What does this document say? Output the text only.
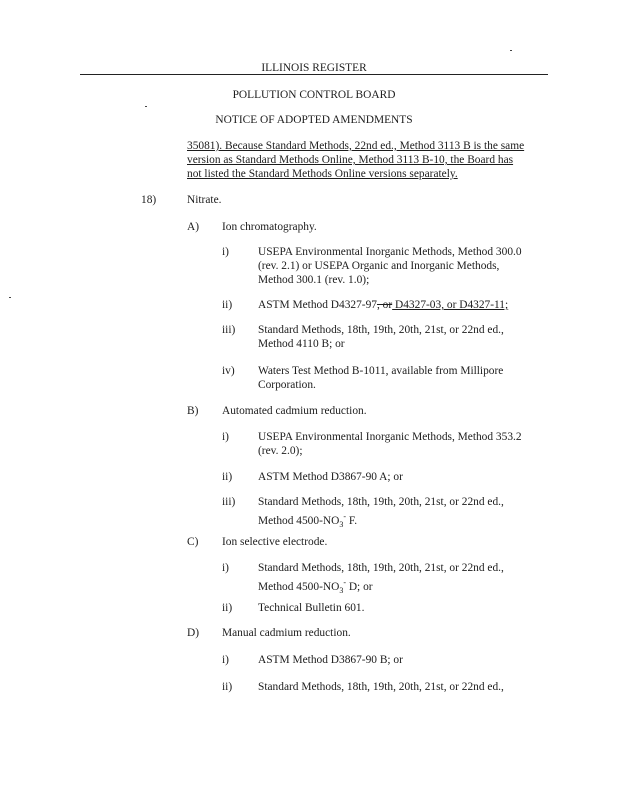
ILLINOIS REGISTER
POLLUTION CONTROL BOARD
NOTICE OF ADOPTED AMENDMENTS
35081). Because Standard Methods, 22nd ed., Method 3113 B is the same
version as Standard Methods Online, Method 3113 B-10, the Board has
not listed the Standard Methods Online versions separately.
18)	Nitrate.
A) Ion chromatography.
i)	USEPA Environmental Inorganic Methods, Method 300.0
(rev. 2.1) or USEPA Organic and Inorganic Methods,
Method 300.1 (rev. 1.0);
ii) ASTM Method D4327-97, or D4327-03, or D4327-11;
iii) Standard Methods, 18th, 19th, 20th, 21st, or 22nd ed.,
Method 4110 B; or
iv) Waters Test Method B-1011, available from Millipore
Corporation.
B) Automated cadmium reduction.
i)	USEPA Environmental Inorganic Methods, Method 353.2
(rev. 2.0);
ii) ASTM Method D3867-90 A; or
iii) Standard Methods, 18th, 19th, 20th, 21st, or 22nd ed.,
Method $4500-NO_3^-$ F.
C) Ion selective electrode.
i)	Standard Methods, 18th, 19th, 20th, 21st, or 22nd ed.,
Method $4500-NO_3^-$ D; or
ii) Technical Bulletin 601.
D) Manual cadmium reduction.
i)	ASTM Method D3867-90 B; or
ii) Standard Methods, 18th, 19th, 20th, 21st, or 22nd ed.,
